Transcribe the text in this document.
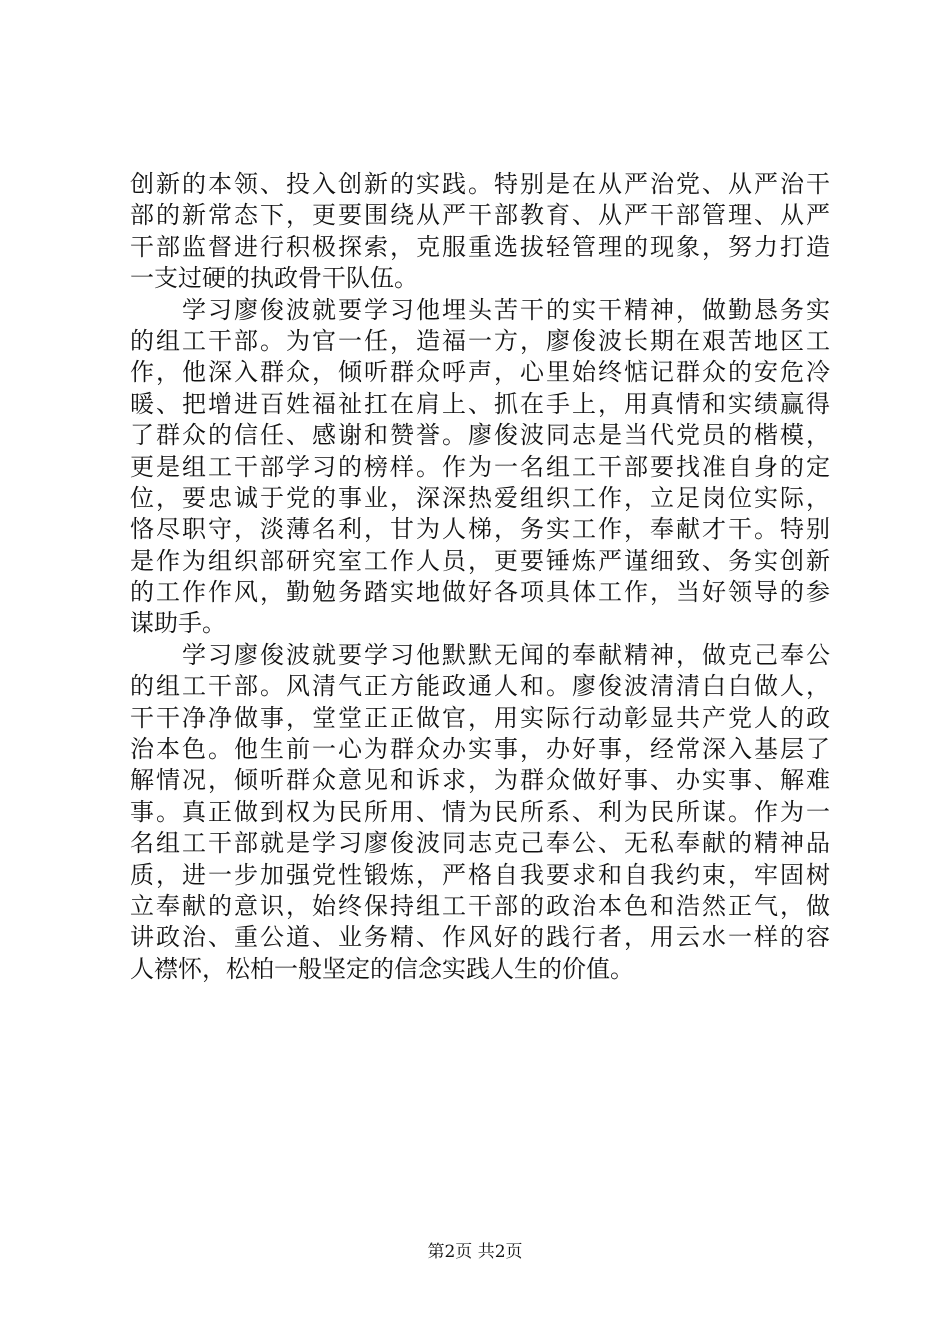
创新的本领、投入创新的实践。特别是在从严治党、从严治干
部的新常态下，更要围绕从严干部教育、从严干部管理、从严
干部监督进行积极探索，克服重选拔轻管理的现象，努力打造
一支过硬的执政骨干队伍。
学习廖俊波就要学习他埋头苦干的实干精神，做勤恳务实
的组工干部。为官一任，造福一方，廖俊波长期在艰苦地区工
作，他深入群众，倾听群众呼声，心里始终惦记群众的安危冷
暖、把增进百姓福祉扛在肩上、抓在手上，用真情和实绩赢得
了群众的信任、感谢和赞誉。廖俊波同志是当代党员的楷模，
更是组工干部学习的榜样。作为一名组工干部要找准自身的定
位，要忠诚于党的事业，深深热爱组织工作，立足岗位实际，
恪尽职守，淡薄名利，甘为人梯，务实工作，奉献才干。特别
是作为组织部研究室工作人员，更要锤炼严谨细致、务实创新
的工作作风，勤勉务踏实地做好各项具体工作，当好领导的参
谋助手。
学习廖俊波就要学习他默默无闻的奉献精神，做克己奉公
的组工干部。风清气正方能政通人和。廖俊波清清白白做人，
干干净净做事，堂堂正正做官，用实际行动彰显共产党人的政
治本色。他生前一心为群众办实事，办好事，经常深入基层了
解情况，倾听群众意见和诉求，为群众做好事、办实事、解难
事。真正做到权为民所用、情为民所系、利为民所谋。作为一
名组工干部就是学习廖俊波同志克己奉公、无私奉献的精神品
质，进一步加强党性锻炼，严格自我要求和自我约束，牢固树
立奉献的意识，始终保持组工干部的政治本色和浩然正气，做
讲政治、重公道、业务精、作风好的践行者，用云水一样的容
人襟怀，松柏一般坚定的信念实践人生的价值。
第2页 共2页
